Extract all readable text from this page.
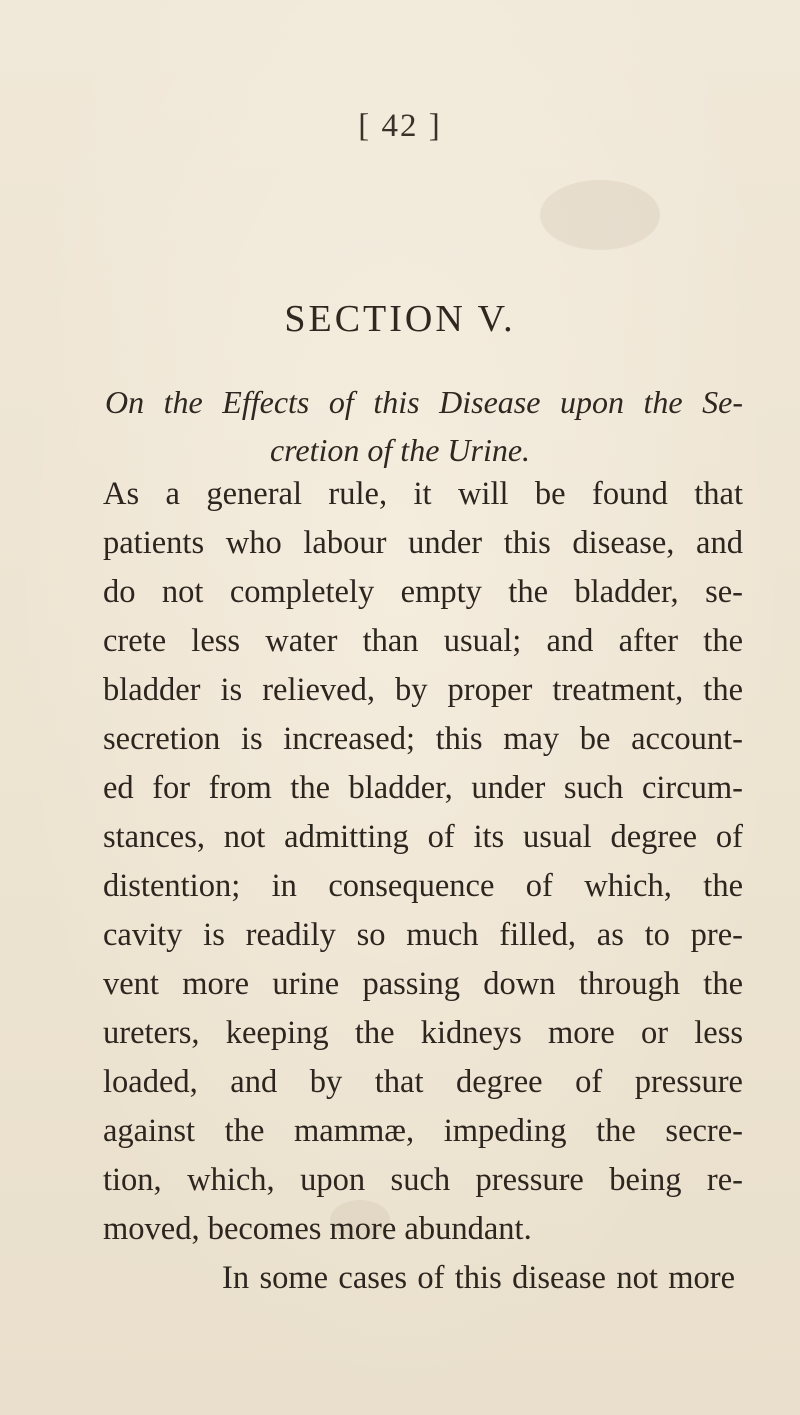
[ 42 ]
SECTION V.
On the Effects of this Disease upon the Se-
cretion of the Urine.
As a general rule, it will be found that
patients who labour under this disease, and
do not completely empty the bladder, se-
crete less water than usual; and after the
bladder is relieved, by proper treatment, the
secretion is increased; this may be account-
ed for from the bladder, under such circum-
stances, not admitting of its usual degree of
distention; in consequence of which, the
cavity is readily so much filled, as to pre-
vent more urine passing down through the
ureters, keeping the kidneys more or less
loaded, and by that degree of pressure
against the mammæ, impeding the secre-
tion, which, upon such pressure being re-
moved, becomes more abundant.
In some cases of this disease not more
